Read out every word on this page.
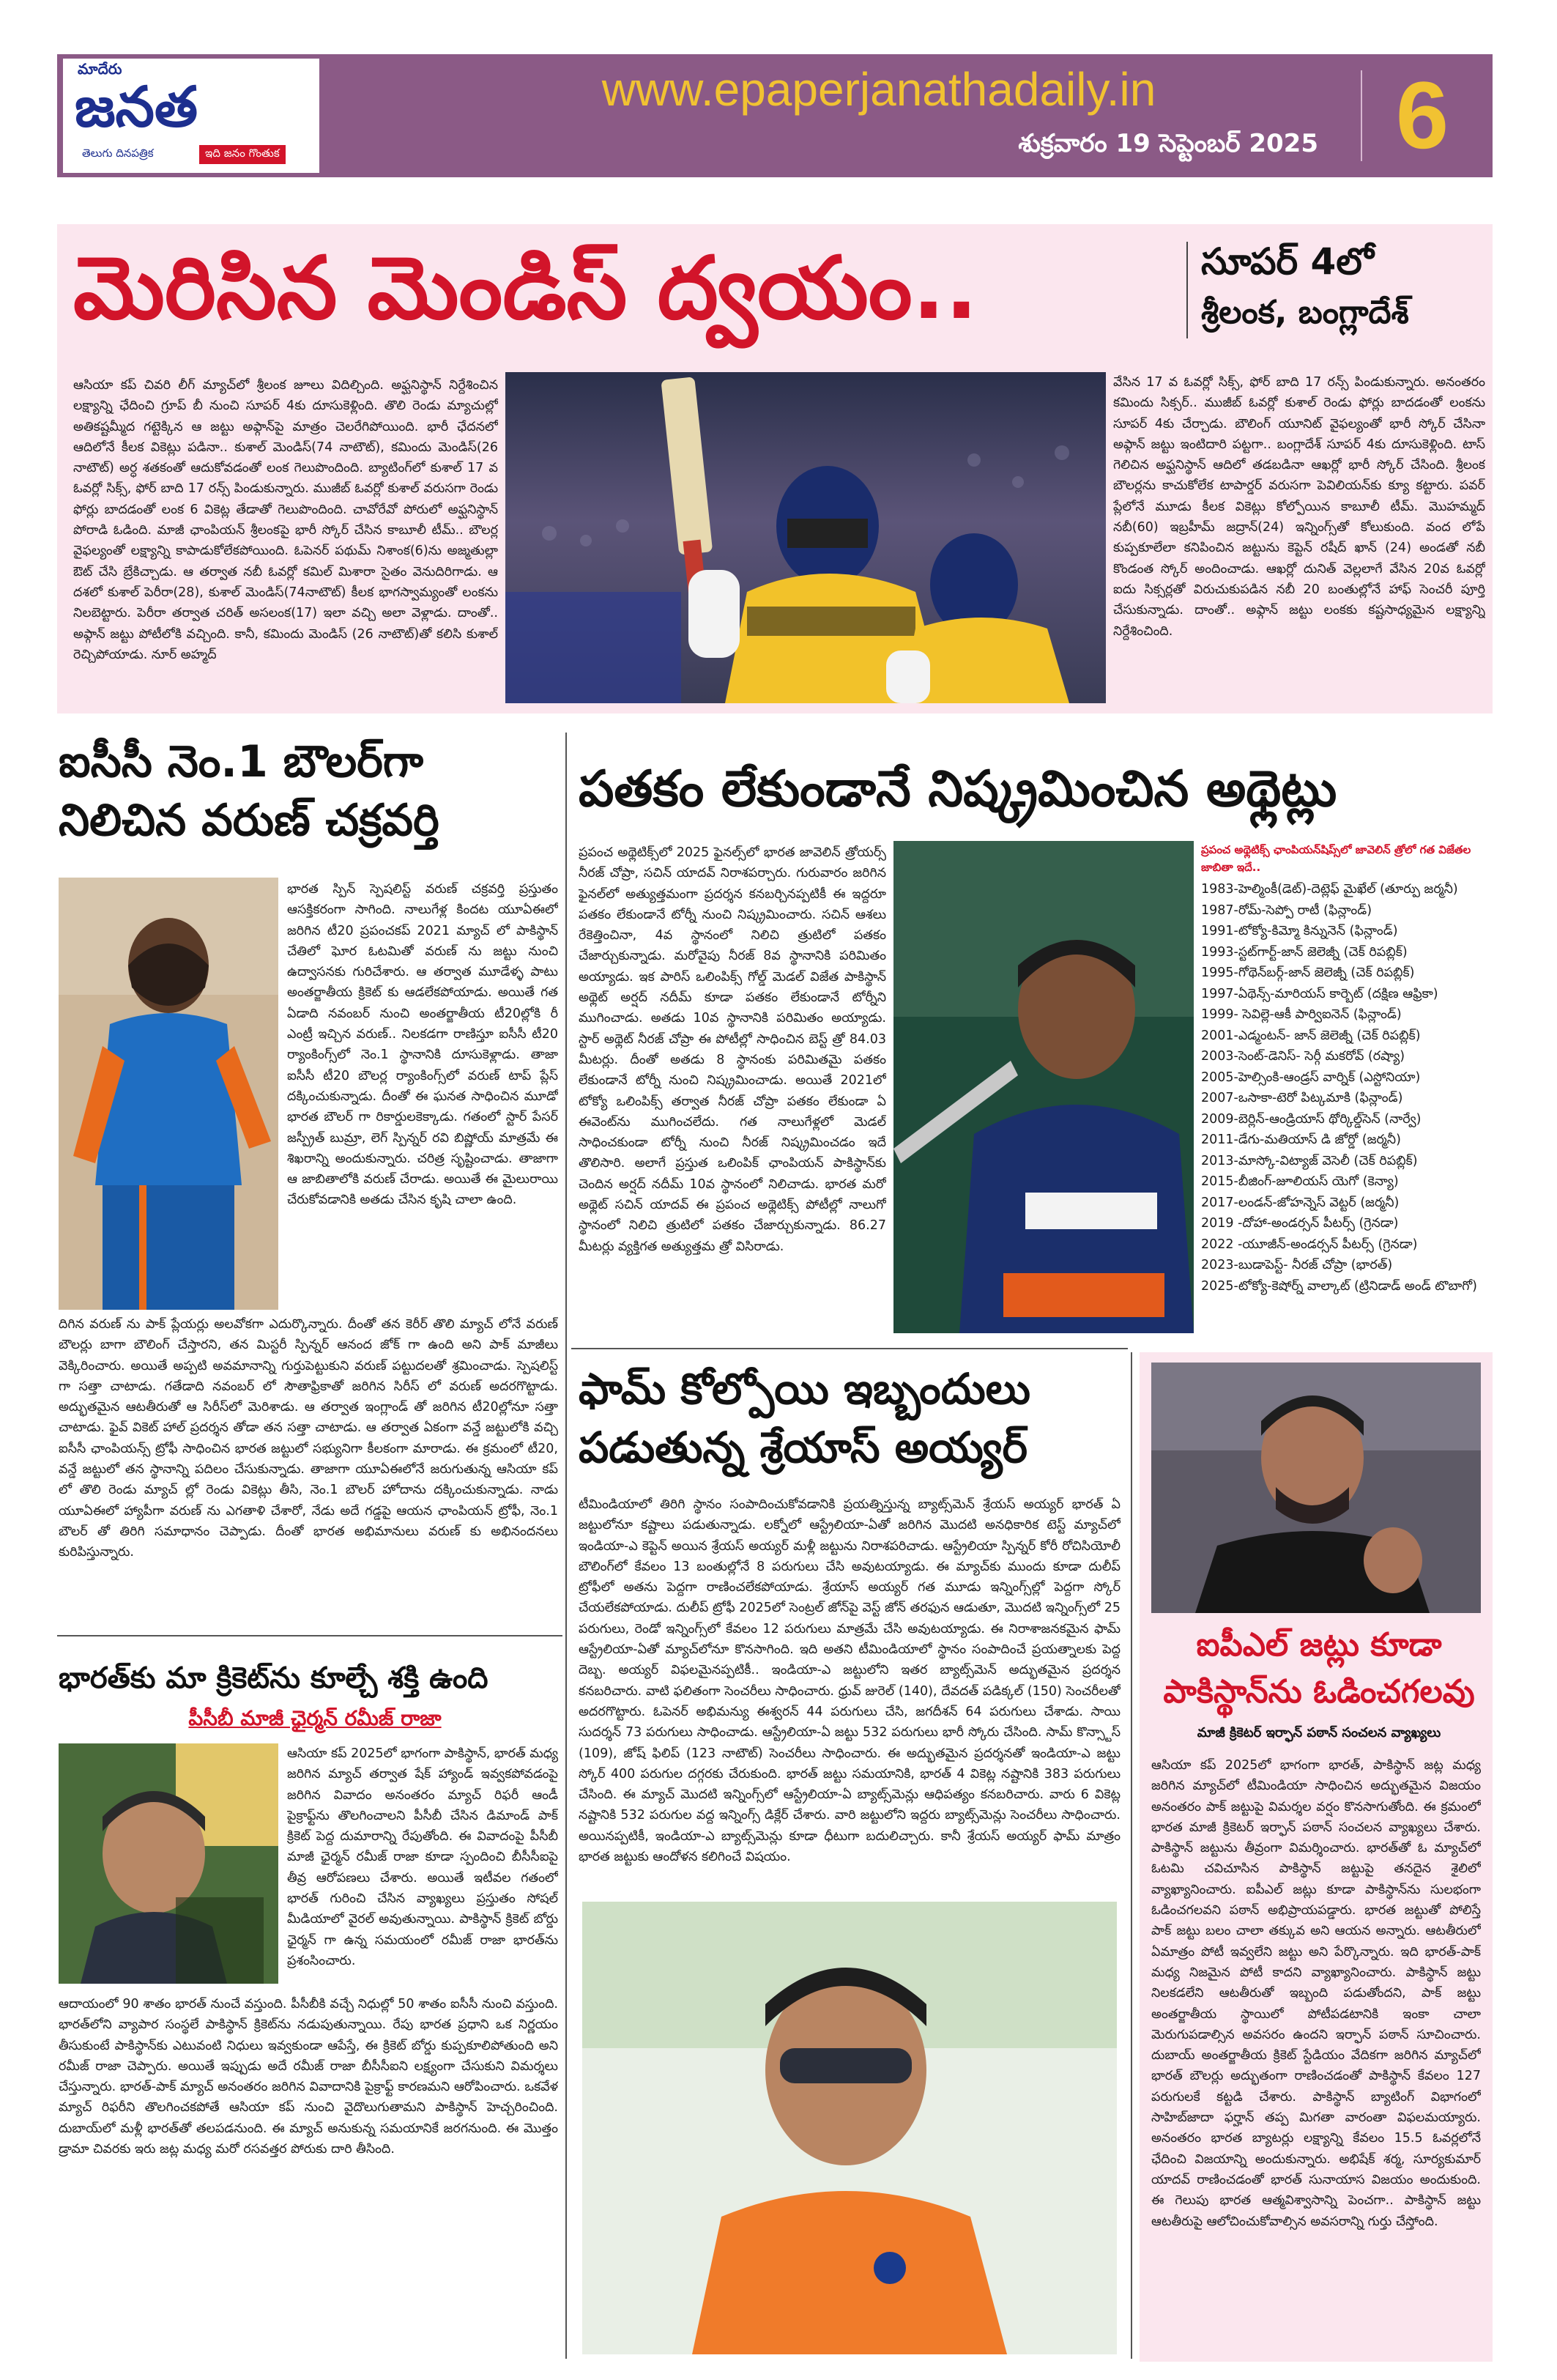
మాదేరు
జనత
తెలుగు దినపత్రిక	ఇది జనం గొంతుక
www.epaperjanathadaily.in
శుక్రవారం 19 సెప్టెంబర్ 2025 6
మెరిసిన మెండిస్ ద్వయం..	సూపర్ 4లో
శ్రీలంక, బంగ్లాదేశ్

ఆసియా కప్ చివరి లీగ్ మ్యాచ్‌లో శ్రీలంక జూలు విదిల్చింది. అఫ్ఘనిస్థాన్ నిర్దేశించిన లక్ష్యాన్ని ఛేదించి గ్రూప్ బీ నుంచి సూపర్ 4కు దూసుకెళ్లింది. తొలి రెండు మ్యాచుల్లో అతికష్టమ్మీద గట్టెక్కిన ఆ జట్టు అఫ్గాన్‌పై మాత్రం చెలరేగిపోయింది. భారీ ఛేదనలో ఆదిలోనే కీలక వికెట్లు పడినా.. కుశాల్ మెండిస్(74 నాటౌట్), కమిందు మెండిస్(26 నాటౌట్) అర్ధ శతకంతో ఆదుకోవడంతో లంక గెలుపొందింది. బ్యాటింగ్‌లో కుశాల్ 17 వ ఓవర్లో సిక్స్, ఫోర్ బాది 17 రన్స్ పిండుకున్నారు. ముజీబ్ ఓవర్లో కుశాల్ వరుసగా రెండు ఫోర్లు బాదడంతో లంక 6 వికెట్ల తేడాతో గెలుపొందింది. చావోరేవో పోరులో అఫ్ఘనిస్థాన్ పోరాడి ఓడింది. మాజీ ఛాంపియన్ శ్రీలంకపై భారీ స్కోర్ చేసిన కాబూలీ టీమ్.. బౌలర్ల వైఫల్యంతో లక్ష్యాన్ని కాపాడుకోలేకపోయింది. ఓపెనర్ పథుమ్ నిశాంక(6)ను అజ్మతుల్లా ఔట్ చేసి బ్రేకిచ్చాడు. ఆ తర్వాత నబీ ఓవర్లో కమిల్ మిశారా సైతం వెనుదిరిగాడు. ఆ దశలో కుశాల్ పెరీరా(28), కుశాల్ మెండిస్(74నాటౌట్) కీలక భాగస్వామ్యంతో లంకను నిలబెట్టారు. పెరీరా తర్వాత చరిత్ అసలంక(17) ఇలా వచ్చి అలా వెళ్లాడు. దాంతో.. అఫ్గాన్ జట్టు పోటీలోకి వచ్చింది. కానీ, కమిందు మెండిస్ (26 నాటౌట్)తో కలిసి కుశాల్ రెచ్చిపోయాడు. నూర్ అహ్మద్

వేసిన 17 వ ఓవర్లో సిక్స్, ఫోర్ బాది 17 రన్స్ పిండుకున్నారు. అనంతరం కమిందు సిక్సర్.. ముజీబ్ ఓవర్లో కుశాల్ రెండు ఫోర్లు బాదడంతో లంకను సూపర్ 4కు చేర్చాడు. బౌలింగ్ యూనిట్ వైఫల్యంతో భారీ స్కోర్ చేసినా అఫ్గాన్ జట్టు ఇంటిదారి పట్టగా.. బంగ్లాదేశ్ సూపర్ 4కు దూసుకెళ్లింది. టాస్ గెలిచిన అఫ్ఘనిస్థాన్ ఆదిలో తడబడినా ఆఖర్లో భారీ స్కోర్ చేసింది. శ్రీలంక బౌలర్లను కాచుకోలేక టాపార్డర్ వరుసగా పెవిలియన్‌కు క్యూ కట్టారు. పవర్ ప్లేలోనే మూడు కీలక వికెట్లు కోల్పోయిన కాబూలీ టీమ్. మొహమ్మద్ నబీ(60) ఇబ్రహీమ్ జద్రాన్(24) ఇన్నింగ్స్‌తో కోలుకుంది. వంద లోపే కుప్పకూలేలా కనిపించిన జట్టును కెప్టెన్ రషీద్ ఖాన్ (24) అండతో నబీ కొండంత స్కోర్ అందించాడు. ఆఖర్లో దునిత్ వెల్లలాగే వేసిన 20వ ఓవర్లో ఐదు సిక్సర్లతో విరుచుకుపడిన నబీ 20 బంతుల్లోనే హాఫ్ సెంచరీ పూర్తి చేసుకున్నాడు. దాంతో.. అఫ్గాన్ జట్టు లంకకు కష్టసాధ్యమైన లక్ష్యాన్ని నిర్దేశించింది.

ఐసీసీ నెం.1 బౌలర్‌గా
నిలిచిన వరుణ్ చక్రవర్తి

భారత స్పిన్ స్పెషలిస్ట్ వరుణ్ చక్రవర్తి ప్రస్తుతం ఆసక్తికరంగా సాగింది. నాలుగేళ్ల కిందట యూఏఈలో జరిగిన టీ20 ప్రపంచకప్ 2021 మ్యాచ్ లో పాకిస్థాన్ చేతిలో ఘోర ఓటమితో వరుణ్ ను జట్టు నుంచి ఉద్వాసనకు గురిచేశారు. ఆ తర్వాత మూడేళ్ళ పాటు అంతర్జాతీయ క్రికెట్ కు ఆడలేకపోయాడు. అయితే గత ఏడాది నవంబర్ నుంచి అంతర్జాతీయ టీ20ల్లోకి రీ ఎంట్రీ ఇచ్చిన వరుణ్.. నిలకడగా రాణిస్తూ ఐసీసీ టీ20 ర్యాంకింగ్స్‌లో నెం.1 స్థానానికి దూసుకెళ్లాడు. తాజా ఐసీసీ టీ20 బౌలర్ల ర్యాంకింగ్స్‌లో వరుణ్ టాప్ ప్లేస్ దక్కించుకున్నాడు. దీంతో ఈ ఘనత సాధించిన మూడో భారత బౌలర్ గా రికార్డులకెక్కాడు. గతంలో స్టార్ పేసర్ జస్ప్రీత్ బుమ్రా, లెగ్ స్పిన్నర్ రవి బిష్ణోయ్ మాత్రమే ఈ శిఖరాన్ని అందుకున్నారు. చరిత్ర సృష్టించాడు. తాజాగా ఆ జాబితాలోకి వరుణ్ చేరాడు. అయితే ఈ మైలురాయి చేరుకోవడానికి అతడు చేసిన కృషి చాలా ఉంది.

దిగిన వరుణ్ ను పాక్ ప్లేయర్లు అలవోకగా ఎదుర్కొన్నారు. దీంతో తన కెరీర్ తొలి మ్యాచ్ లోనే వరుణ్ బౌలర్లు బాగా బౌలింగ్ చేస్తారని, తన మిస్టరీ స్పిన్నర్ ఆనంద జోక్ గా ఉంది అని పాక్ మాజీలు వెక్కిరించారు. అయితే అప్పటి అవమానాన్ని గుర్తుపెట్టుకుని వరుణ్ పట్టుదలతో శ్రమించాడు. స్పెషలిస్ట్ గా సత్తా చాటాడు. గతేడాది నవంబర్ లో సౌతాఫ్రికాతో జరిగిన సిరీస్ లో వరుణ్ అదరగొట్టాడు. అద్భుతమైన ఆటతీరుతో ఆ సిరీస్‌లో మెరిశాడు. ఆ తర్వాత ఇంగ్లాండ్ తో జరిగిన టీ20ల్లోనూ సత్తా చాటాడు. ఫైవ్ వికెట్ హాల్ ప్రదర్శన తోడా తన సత్తా చాటాడు. ఆ తర్వాత ఏకంగా వన్డే జట్టులోకి వచ్చి ఐసీసీ ఛాంపియన్స్ ట్రోఫీ సాధించిన భారత జట్టులో సభ్యునిగా కీలకంగా మారాడు. ఈ క్రమంలో టీ20, వన్డే జట్టులో తన స్థానాన్ని పదిలం చేసుకున్నాడు. తాజాగా యూఏఈలోనే జరుగుతున్న ఆసియా కప్ లో తొలి రెండు మ్యాచ్ ల్లో రెండు వికెట్లు తీసి, నెం.1 బౌలర్ హోదాను దక్కించుకున్నాడు. నాడు యూఏఈలో హ్యాపీగా వరుణ్ ను ఎగతాళి చేశారో, నేడు అదే గడ్డపై ఆయన ఛాంపియన్ ట్రోఫీ, నెం.1 బౌలర్ తో తిరిగి సమాధానం చెప్పాడు. దీంతో భారత అభిమానులు వరుణ్ కు అభినందనలు కురిపిస్తున్నారు.

భారత్‌కు మా క్రికెట్‌ను కూల్చే శక్తి ఉంది
పీసీబీ మాజీ ఛైర్మన్ రమీజ్ రాజా

ఆసియా కప్ 2025లో భాగంగా పాకిస్థాన్, భారత్ మధ్య జరిగిన మ్యాచ్ తర్వాత షేక్ హ్యాండ్ ఇవ్వకపోవడంపై జరిగిన వివాదం అనంతరం మ్యాచ్ రిఫరీ ఆండీ పైక్రాఫ్ట్‌ను తొలగించాలని పీసీబీ చేసిన డిమాండ్ పాక్ క్రికెట్ పెద్ద దుమారాన్ని రేపుతోంది. ఈ వివాదంపై పీసీబీ మాజీ ఛైర్మన్ రమీజ్ రాజా కూడా స్పందించి బీసీసీఐపై తీవ్ర ఆరోపణలు చేశారు. అయితే ఇటీవల గతంలో భారత్ గురించి చేసిన వ్యాఖ్యలు ప్రస్తుతం సోషల్ మీడియాలో వైరల్ అవుతున్నాయి. పాకిస్థాన్ క్రికెట్ బోర్డు ఛైర్మన్ గా ఉన్న సమయంలో రమీజ్ రాజా భారత్‌ను ప్రశంసించారు.

ఆదాయంలో 90 శాతం భారత్ నుంచే వస్తుంది. పీసీబీకి వచ్చే నిధుల్లో 50 శాతం ఐసీసీ నుంచి వస్తుంది. భారత్‌లోని వ్యాపార సంస్థలే పాకిస్థాన్ క్రికెట్‌ను నడుపుతున్నాయి. రేపు భారత ప్రధాని ఒక నిర్ణయం తీసుకుంటే పాకిస్థాన్‌కు ఎటువంటి నిధులు ఇవ్వకుండా ఆపేస్తే, ఈ క్రికెట్ బోర్డు కుప్పకూలిపోతుంది అని రమీజ్ రాజా చెప్పారు. అయితే ఇప్పుడు అదే రమీజ్ రాజా బీసీసీఐని లక్ష్యంగా చేసుకుని విమర్శలు చేస్తున్నారు. భారత్-పాక్ మ్యాచ్ అనంతరం జరిగిన వివాదానికి పైక్రాఫ్ట్ కారణమని ఆరోపించారు. ఒకవేళ మ్యాచ్ రిఫరీని తొలగించకపోతే ఆసియా కప్ నుంచి వైదొలుగుతామని పాకిస్థాన్ హెచ్చరించింది. దుబాయ్‌లో మళ్లీ భారత్‌తో తలపడనుంది. ఈ మ్యాచ్ అనుకున్న సమయానికే జరగనుంది. ఈ మొత్తం డ్రామా చివరకు ఇరు జట్ల మధ్య మరో రసవత్తర పోరుకు దారి తీసింది.

పతకం లేకుండానే నిష్క్రమించిన అథ్లెట్లు

ప్రపంచ అథ్లెటిక్స్‌లో 2025 ఫైనల్స్‌లో భారత జావెలిన్ త్రోయర్స్ నీరజ్ చోప్రా, సచిన్ యాదవ్ నిరాశపర్చారు. గురువారం జరిగిన ఫైనల్‌లో అత్యుత్తమంగా ప్రదర్శన కనబర్చినప్పటికీ ఈ ఇద్దరూ పతకం లేకుండానే టోర్నీ నుంచి నిష్క్రమించారు. సచిన్ ఆశలు రేకెత్తించినా, 4వ స్థానంలో నిలిచి త్రుటిలో పతకం చేజార్చుకున్నాడు. మరోవైపు నీరజ్ 8వ స్థానానికి పరిమితం అయ్యాడు. ఇక పారిస్ ఒలింపిక్స్ గోల్డ్ మెడల్ విజేత పాకిస్థాన్ అథ్లెట్ అర్షద్ నదీమ్ కూడా పతకం లేకుండానే టోర్నీని ముగించాడు. అతడు 10వ స్థానానికి పరిమితం అయ్యాడు. స్టార్ అథ్లెట్ నీరజ్ చోప్రా ఈ పోటీల్లో సాధించిన బెస్ట్ త్రో 84.03 మీటర్లు. దీంతో అతడు 8 స్థానంకు పరిమితమై పతకం లేకుండానే టోర్నీ నుంచి నిష్క్రమించాడు. అయితే 2021లో టోక్యో ఒలింపిక్స్ తర్వాత నీరజ్ చోప్రా పతకం లేకుండా ఏ ఈవెంట్‌ను ముగించలేదు. గత నాలుగేళ్లలో మెడల్ సాధించకుండా టోర్నీ నుంచి నీరజ్ నిష్క్రమించడం ఇదే తొలిసారి. అలాగే ప్రస్తుత ఒలింపిక్ ఛాంపియన్ పాకిస్థాన్‌కు చెందిన అర్షద్ నదీమ్ 10వ స్థానంలో నిలిచాడు. భారత మరో అథ్లెట్ సచిన్ యాదవ్ ఈ ప్రపంచ అథ్లెటిక్స్ పోటీల్లో నాలుగో స్థానంలో నిలిచి త్రుటిలో పతకం చేజార్చుకున్నాడు. 86.27 మీటర్లు వ్యక్తిగత అత్యుత్తమ త్రో విసిరాడు.

ప్రపంచ అథ్లెటిక్స్ ఛాంపియన్‌షిప్స్‌లో జావెలిన్ త్రోలో గత విజేతల జాబితా ఇదే..
1983-హెల్మింకీ(డెట్)-దెట్లెఫ్ మైఖేల్ (తూర్పు జర్మనీ)
1987-రోమ్-సెప్పో రాటీ (ఫిన్లాండ్)
1991-టోక్యో-కిమ్మో కిన్నునెన్ (ఫిన్లాండ్)
1993-స్టట్‌గార్ట్-జాన్ జెలెజ్నీ (చెక్ రిపబ్లిక్)
1995-గోథెన్‌బర్గ్-జాన్ జెలెజ్నీ (చెక్ రిపబ్లిక్)
1997-ఏథెన్స్-మారియస్ కార్బెట్ (దక్షిణ ఆఫ్రికా)
1999- సెవిల్లె-ఆకీ పార్విఐనెన్ (ఫిన్లాండ్)
2001-ఎడ్మంటన్- జాన్ జెలెజ్నీ (చెక్ రిపబ్లిక్)
2003-సెంట్-డెనిస్- సెర్గీ మకరోవ్ (రష్యా)
2005-హెల్సింకి-ఆండ్రస్ వార్నిక్ (ఎస్టోనియా)
2007-ఒసాకా-టెరో పిట్కమాకి (ఫిన్లాండ్)
2009-బెర్లిన్-ఆండ్రియాస్ థోర్కిల్డ్‌సెన్ (నార్వే)
2011-డేగు-మతియాస్ డి జోర్డో (జర్మనీ)
2013-మాస్కో-విట్యాజ్ వెసెలీ (చెక్ రిపబ్లిక్)
2015-బీజింగ్-జూలియస్ యెగో (కెన్యా)
2017-లండన్-జోహన్నెస్ వెట్టర్ (జర్మనీ)
2019 -దోహా-అండర్సన్ పీటర్స్ (గ్రెనడా)
2022 -యూజీన్-అండర్సన్ పీటర్స్ (గ్రెనడా)
2023-బుడాపెస్ట్- నీరజ్ చోప్రా (భారత్)
2025-టోక్యో-కెషోర్న్ వాల్కాట్ (ట్రినిడాడ్ అండ్ టొబాగో)
ఫామ్ కోల్పోయి ఇబ్బందులు
పడుతున్న శ్రేయాస్ అయ్యర్

టీమిండియాలో తిరిగి స్థానం సంపాదించుకోవడానికి ప్రయత్నిస్తున్న బ్యాట్స్‌మెన్ శ్రేయస్ అయ్యర్ భారత్ ఏ జట్టులోనూ కష్టాలు పడుతున్నాడు. లక్నోలో ఆస్ట్రేలియా-ఏతో జరిగిన మొదటి అనధికారిక టెస్ట్ మ్యాచ్‌లో ఇండియా-ఎ కెప్టెన్ అయిన శ్రేయస్ అయ్యర్ మళ్లీ జట్టును నిరాశపరిచాడు. ఆస్ట్రేలియా స్పిన్నర్ కోరీ రోచిసియోలీ బౌలింగ్‌లో కేవలం 13 బంతుల్లోనే 8 పరుగులు చేసి అవుటయ్యాడు. ఈ మ్యాచ్‌కు ముందు కూడా దులీప్ ట్రోఫీలో అతను పెద్దగా రాణించలేకపోయాడు. శ్రేయాస్ అయ్యర్ గత మూడు ఇన్నింగ్స్‌ల్లో పెద్దగా స్కోర్ చేయలేకపోయాడు. దులీప్ ట్రోఫీ 2025లో సెంట్రల్ జోన్‌పై వెస్ట్ జోన్ తరఫున ఆడుతూ, మొదటి ఇన్నింగ్స్‌లో 25 పరుగులు, రెండో ఇన్నింగ్స్‌లో కేవలం 12 పరుగులు మాత్రమే చేసి అవుటయ్యాడు. ఈ నిరాశాజనకమైన ఫామ్ ఆస్ట్రేలియా-ఏతో మ్యాచ్‌లోనూ కొనసాగింది. ఇది అతని టీమిండియాలో స్థానం సంపాదించే ప్రయత్నాలకు పెద్ద దెబ్బ. అయ్యర్ విఫలమైనప్పటికీ.. ఇండియా-ఎ జట్టులోని ఇతర బ్యాట్స్‌మెన్ అద్భుతమైన ప్రదర్శన కనబరిచారు. వాటి ఫలితంగా సెంచరీలు సాధించారు. ధ్రువ్ జురెల్ (140), దేవదత్ పడిక్కల్ (150) సెంచరీలతో అదరగొట్టారు. ఓపెనర్ అభిమన్యు ఈశ్వరన్ 44 పరుగులు చేసి, జగదీశన్ 64 పరుగులు చేశాడు. సాయి సుదర్శన్ 73 పరుగులు సాధించాడు. ఆస్ట్రేలియా-ఏ జట్టు 532 పరుగులు భారీ స్కోరు చేసింది. సామ్ కొన్స్టాస్ (109), జోష్ ఫిలిప్ (123 నాటౌట్) సెంచరీలు సాధించారు. ఈ అద్భుతమైన ప్రదర్శనతో ఇండియా-ఎ జట్టు స్కోర్ 400 పరుగుల దగ్గరకు చేరుకుంది. భారత్ జట్టు సమయానికి, భారత్ 4 వికెట్ల నష్టానికి 383 పరుగులు చేసింది. ఈ మ్యాచ్ మొదటి ఇన్నింగ్స్‌లో ఆస్ట్రేలియా-ఏ బ్యాట్స్‌మెన్లు ఆధిపత్యం కనబరిచారు. వారు 6 వికెట్ల నష్టానికి 532 పరుగుల వద్ద ఇన్నింగ్స్ డిక్లేర్ చేశారు. వారి జట్టులోని ఇద్దరు బ్యాట్స్‌మెన్లు సెంచరీలు సాధించారు. అయినప్పటికీ, ఇండియా-ఎ బ్యాట్స్‌మెన్లు కూడా ధీటుగా బదులిచ్చారు. కానీ శ్రేయస్ అయ్యర్ ఫామ్ మాత్రం భారత జట్టుకు ఆందోళన కలిగించే విషయం.

ఐపీఎల్ జట్లు కూడా
పాకిస్థాన్‌ను ఓడించగలవు
మాజీ క్రికెటర్ ఇర్ఫాన్ పఠాన్ సంచలన వ్యాఖ్యలు

ఆసియా కప్ 2025లో భాగంగా భారత్, పాకిస్థాన్ జట్ల మధ్య జరిగిన మ్యాచ్‌లో టీమిండియా సాధించిన అద్భుతమైన విజయం అనంతరం పాక్ జట్టుపై విమర్శల వర్షం కొనసాగుతోంది. ఈ క్రమంలో భారత మాజీ క్రికెటర్ ఇర్ఫాన్ పఠాన్ సంచలన వ్యాఖ్యలు చేశారు. పాకిస్థాన్ జట్టును తీవ్రంగా విమర్శించారు. భారత్‌తో ఓ మ్యాచ్‌లో ఓటమి చవిచూసిన పాకిస్థాన్ జట్టుపై తనదైన శైలిలో వ్యాఖ్యానించారు. ఐపీఎల్ జట్లు కూడా పాకిస్థాన్‌ను సులభంగా ఓడించగలవని పఠాన్ అభిప్రాయపడ్డారు. భారత జట్టుతో పోలిస్తే పాక్ జట్టు బలం చాలా తక్కువ అని ఆయన అన్నారు. ఆటతీరులో ఏమాత్రం పోటీ ఇవ్వలేని జట్టు అని పేర్కొన్నారు. ఇది భారత్-పాక్ మధ్య నిజమైన పోటీ కాదని వ్యాఖ్యానించారు. పాకిస్థాన్ జట్టు నిలకడలేని ఆటతీరుతో ఇబ్బంది పడుతోందని, పాక్ జట్టు అంతర్జాతీయ స్థాయిలో పోటీపడటానికి ఇంకా చాలా మెరుగుపడాల్సిన అవసరం ఉందని ఇర్ఫాన్ పఠాన్ సూచించారు. దుబాయ్ అంతర్జాతీయ క్రికెట్ స్టేడియం వేదికగా జరిగిన మ్యాచ్‌లో భారత్ బౌలర్లు అద్భుతంగా రాణించడంతో పాకిస్థాన్ కేవలం 127 పరుగులకే కట్టడి చేశారు. పాకిస్థాన్ బ్యాటింగ్ విభాగంలో సాహిబ్‌జాదా ఫర్హాన్ తప్ప మిగతా వారంతా విఫలమయ్యారు. అనంతరం భారత బ్యాటర్లు లక్ష్యాన్ని కేవలం 15.5 ఓవర్లలోనే ఛేదించి విజయాన్ని అందుకున్నారు. అభిషేక్ శర్మ, సూర్యకుమార్ యాదవ్ రాణించడంతో భారత్ సునాయాస విజయం అందుకుంది. ఈ గెలుపు భారత ఆత్మవిశ్వాసాన్ని పెంచగా.. పాకిస్థాన్ జట్టు ఆటతీరుపై ఆలోచించుకోవాల్సిన అవసరాన్ని గుర్తు చేస్తోంది.
